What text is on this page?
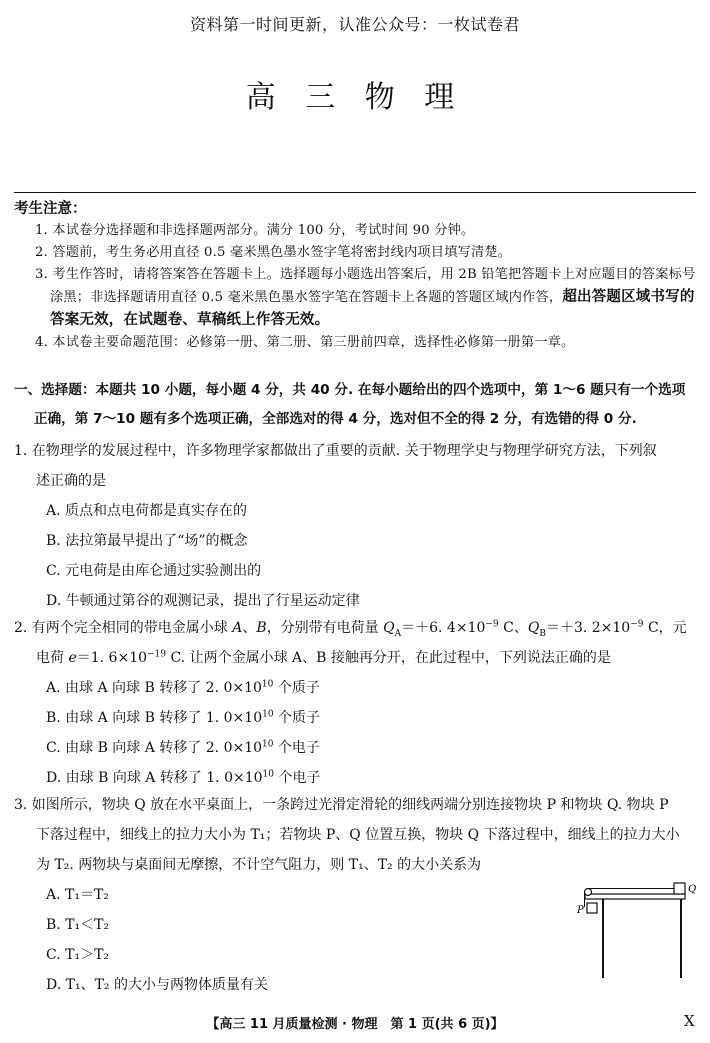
资料第一时间更新，认准公众号：一枚试卷君
高 三 物 理
考生注意：
1. 本试卷分选择题和非选择题两部分。满分 100 分，考试时间 90 分钟。
2. 答题前，考生务必用直径 0.5 毫米黑色墨水签字笔将密封线内项目填写清楚。
3. 考生作答时，请将答案答在答题卡上。选择题每小题选出答案后，用 2B 铅笔把答题卡上对应题目的答案标号涂黑；非选择题请用直径 0.5 毫米黑色墨水签字笔在答题卡上各题的答题区域内作答，超出答题区域书写的答案无效，在试题卷、草稿纸上作答无效。
4. 本试卷主要命题范围：必修第一册、第二册、第三册前四章，选择性必修第一册第一章。
一、选择题：本题共 10 小题，每小题 4 分，共 40 分. 在每小题给出的四个选项中，第 1～6 题只有一个选项
正确，第 7～10 题有多个选项正确，全部选对的得 4 分，选对但不全的得 2 分，有选错的得 0 分.
1. 在物理学的发展过程中，许多物理学家都做出了重要的贡献. 关于物理学史与物理学研究方法，下列叙
述正确的是
A. 质点和点电荷都是真实存在的
B. 法拉第最早提出了“场”的概念
C. 元电荷是由库仑通过实验测出的
D. 牛顿通过第谷的观测记录，提出了行星运动定律
2. 有两个完全相同的带电金属小球 A、B，分别带有电荷量 $Q_A=+6$. $4\times 10^{-9}$ C、$Q_B=+3$. $2\times 10^{-9}$ C，元
电荷 e＝1. $6\times 10^{-19}$ C. 让两个金属小球 A、B 接触再分开，在此过程中，下列说法正确的是
A. 由球 A 向球 B 转移了 2. $0\times 10^{10}$ 个质子
B. 由球 A 向球 B 转移了 1. $0\times 10^{10}$ 个质子
C. 由球 B 向球 A 转移了 2. $0\times 10^{10}$ 个电子
D. 由球 B 向球 A 转移了 1. $0\times 10^{10}$ 个电子
3. 如图所示，物块 Q 放在水平桌面上，一条跨过光滑定滑轮的细线两端分别连接物块 P 和物块 Q. 物块 P
下落过程中，细线上的拉力大小为 T₁；若物块 P、Q 位置互换，物块 Q 下落过程中，细线上的拉力大小
为 T₂. 两物块与桌面间无摩擦，不计空气阻力，则 T₁、T₂ 的大小关系为
A. T₁＝T₂
B. T₁＜T₂
C. T₁＞T₂
D. T₁、T₂ 的大小与两物体质量有关
P
Q
【高三 11 月质量检测 · 物理　第 1 页(共 6 页)】	X
